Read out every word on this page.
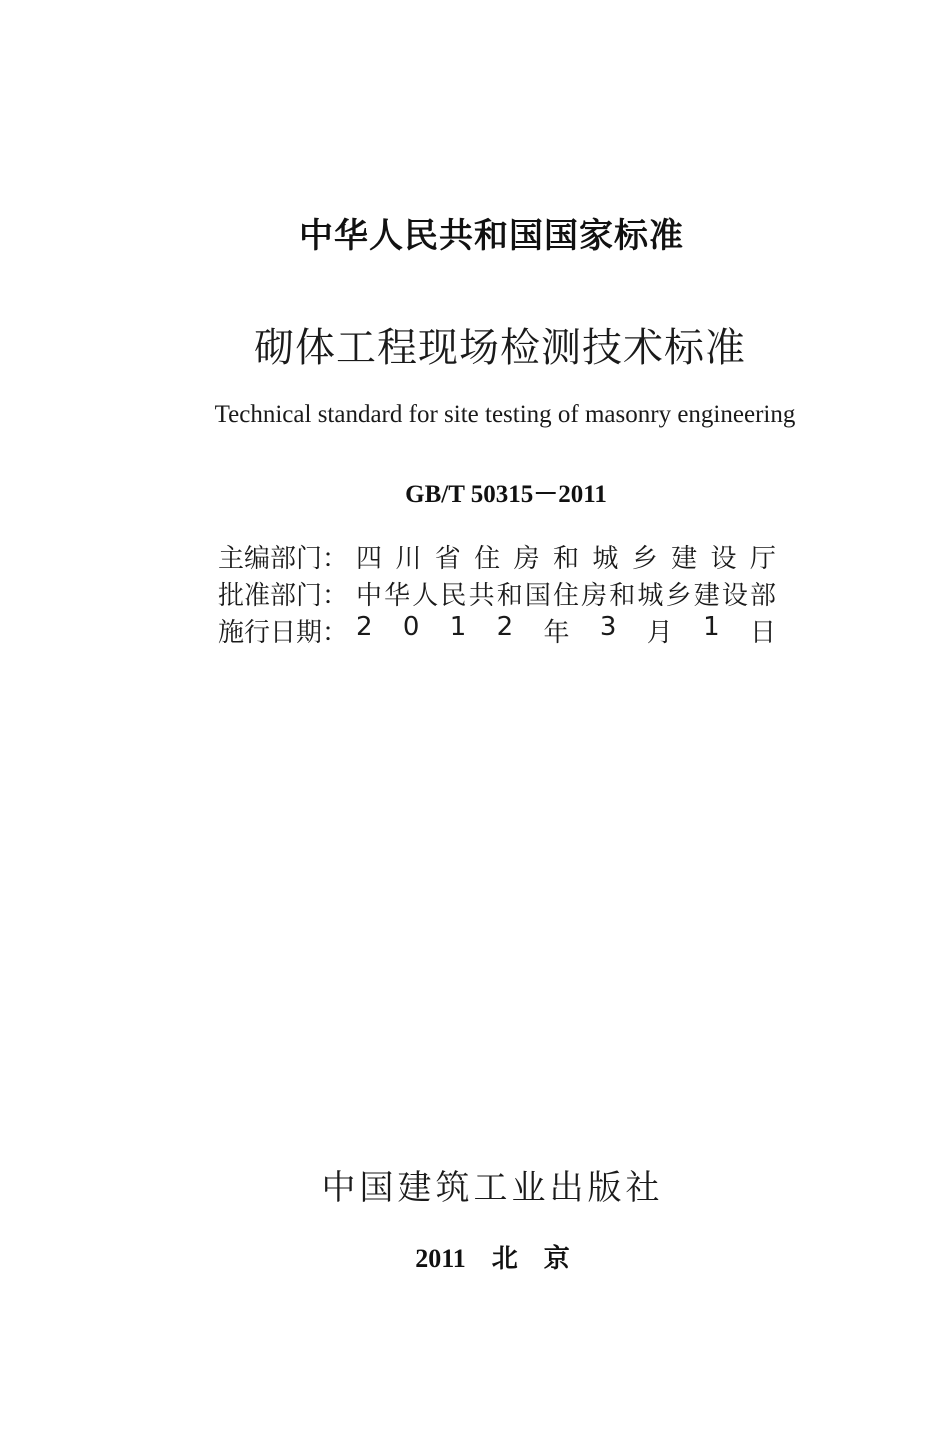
中华人民共和国国家标准
砌体工程现场检测技术标准
Technical standard for site testing of masonry engineering
GB/T 50315－2011
主编部门： 四 川 省 住 房 和 城 乡 建 设 厅
批准部门： 中 华 人 民 共 和 国 住 房 和 城 乡 建 设 部
施行日期： 2 0 1 2 年 3 月 1 日
中国建筑工业出版社
2011　北　京
